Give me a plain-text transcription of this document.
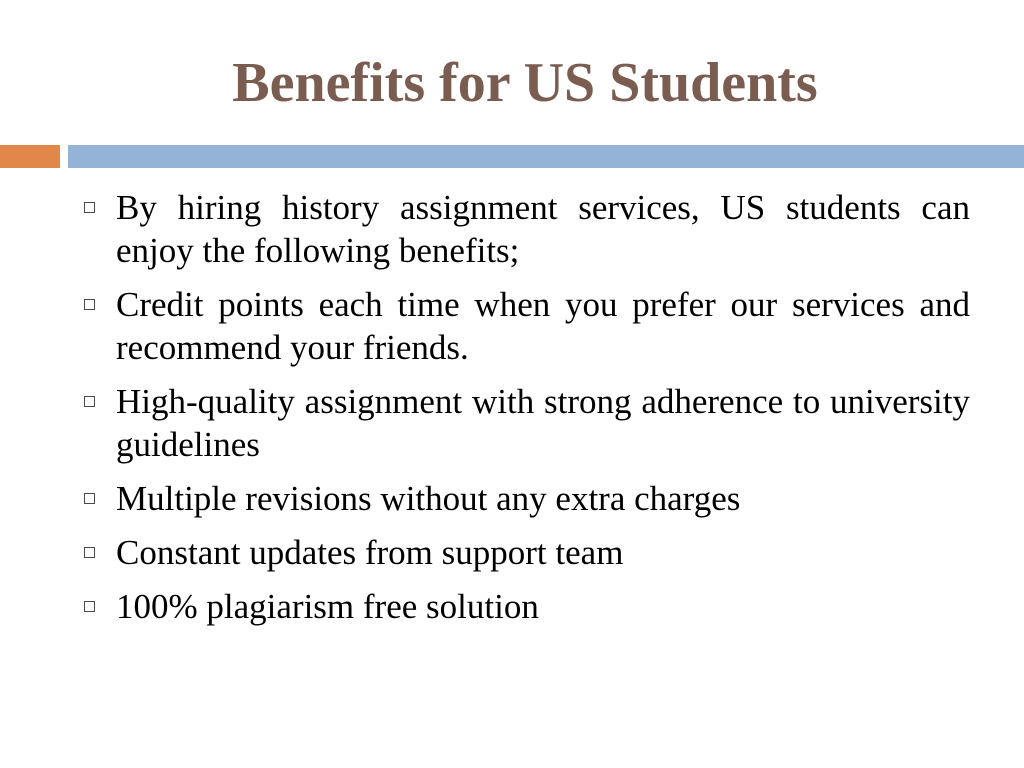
Benefits for US Students
By hiring history assignment services, US students can enjoy the following benefits;
Credit points each time when you prefer our services and recommend your friends.
High-quality assignment with strong adherence to university guidelines
Multiple revisions without any extra charges
Constant updates from support team
100% plagiarism free solution
